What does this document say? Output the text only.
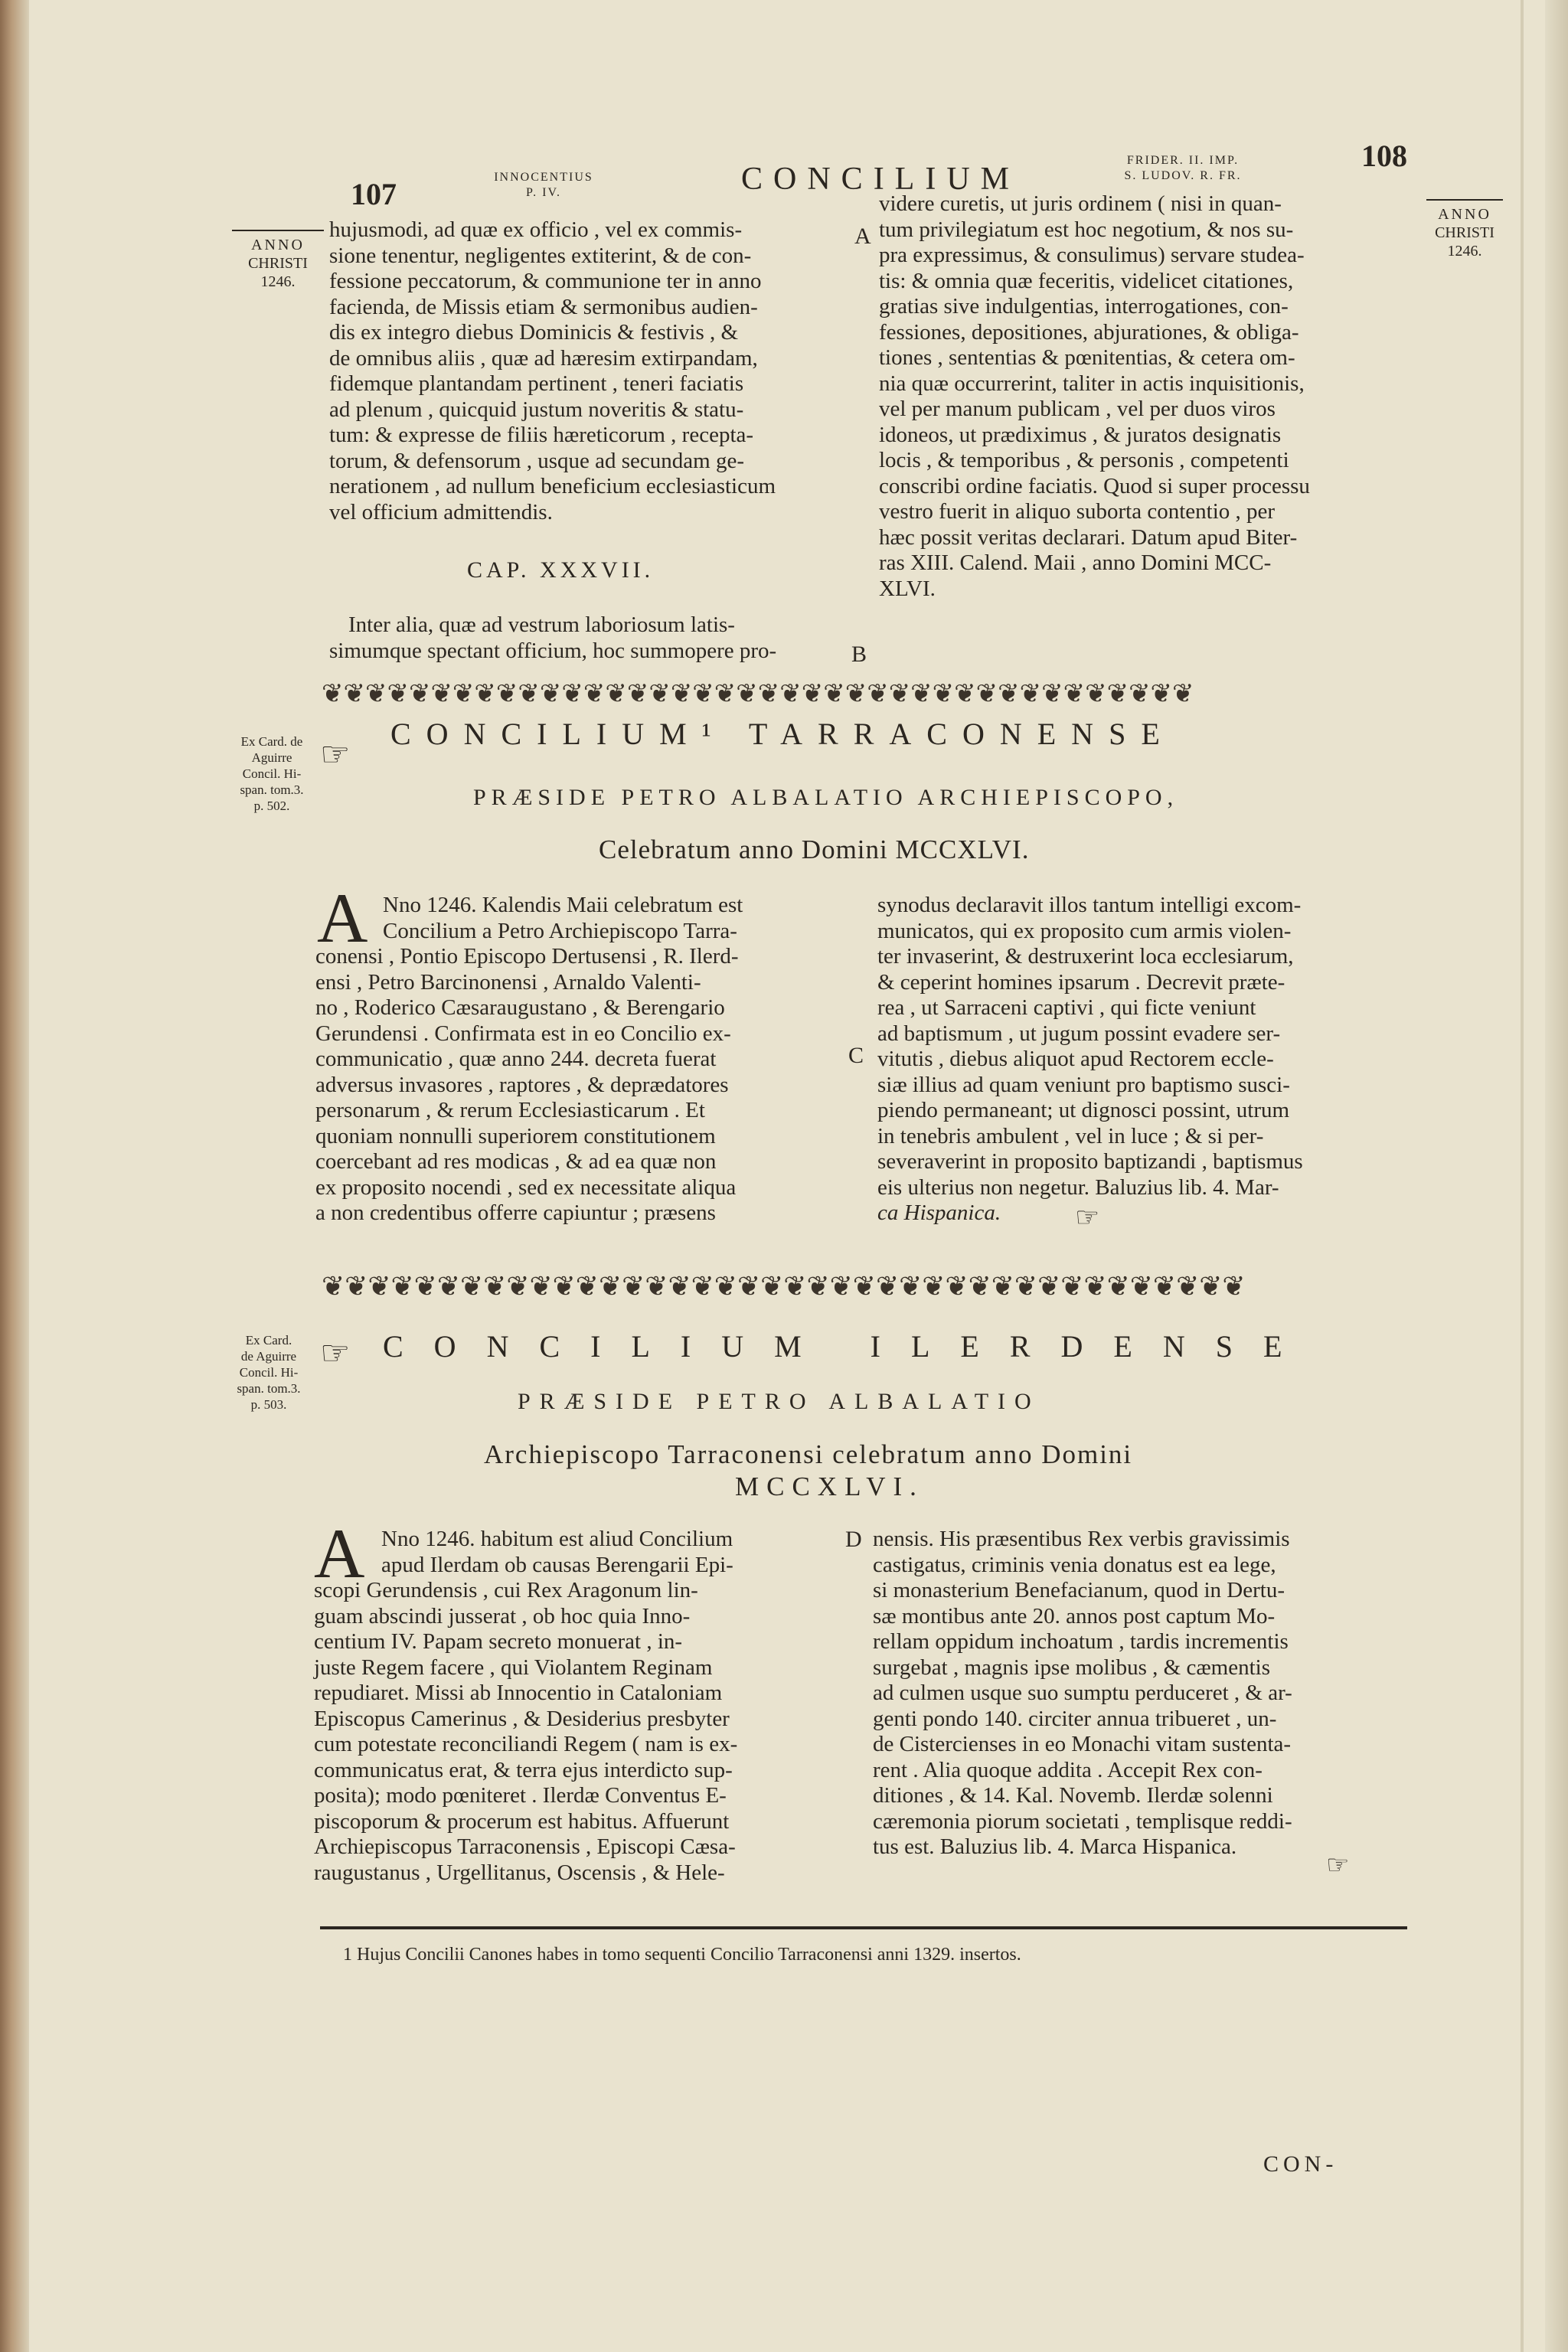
107	INNOCENTIUS
P. IV.	CONCILIUM
FRIDER. II. IMP.
S. LUDOV. R. FR.
108
ANNO
CHRISTI
1246.
ANNO
CHRISTI
1246.
hujusmodi, ad quæ ex officio , vel ex commis-
sione tenentur, negligentes extiterint, & de con-
fessione peccatorum, & communione ter in anno
facienda, de Missis etiam & sermonibus audien-
dis ex integro diebus Dominicis & festivis , &
de omnibus aliis , quæ ad hæresim extirpandam,
fidemque plantandam pertinent , teneri faciatis
ad plenum , quicquid justum noveritis & statu-
tum: & expresse de filiis hæreticorum , recepta-
torum, & defensorum , usque ad secundam ge-
nerationem , ad nullum beneficium ecclesiasticum
vel officium admittendis.
CAP. XXXVII.
Inter alia, quæ ad vestrum laboriosum latis-
simumque spectant officium, hoc summopere pro-
A
B
videre curetis, ut juris ordinem ( nisi in quan-
tum privilegiatum est hoc negotium, & nos su-
pra expressimus, & consulimus) servare studea-
tis: & omnia quæ feceritis, videlicet citationes,
gratias sive indulgentias, interrogationes, con-
fessiones, depositiones, abjurationes, & obliga-
tiones , sententias & pœnitentias, & cetera om-
nia quæ occurrerint, taliter in actis inquisitionis,
vel per manum publicam , vel per duos viros
idoneos, ut prædiximus , & juratos designatis
locis , & temporibus , & personis , competenti
conscribi ordine faciatis. Quod si super processu
vestro fuerit in aliquo suborta contentio , per
hæc possit veritas declarari. Datum apud Biter-
ras XIII. Calend. Maii , anno Domini MCC-
XLVI.
❦❦❦❦❦❦❦❦❦❦❦❦❦❦❦❦❦❦❦❦❦❦❦❦❦❦❦❦❦❦❦❦❦❦❦❦❦❦❦❦
Ex Card. de
Aguirre
Concil. Hi-
span. tom.3.
p. 502.
☞
CONCILIUM¹ TARRACONENSE
PRÆSIDE PETRO ALBALATIO ARCHIEPISCOPO,
Celebratum anno Domini MCCXLVI.
A Nno 1246. Kalendis Maii celebratum est
Concilium a Petro Archiepiscopo Tarra-
conensi , Pontio Episcopo Dertusensi , R. Ilerd-
ensi , Petro Barcinonensi , Arnaldo Valenti-
no , Roderico Cæsaraugustano , & Berengario
Gerundensi . Confirmata est in eo Concilio ex-
communicatio , quæ anno 244. decreta fuerat
adversus invasores , raptores , & deprædatores
personarum , & rerum Ecclesiasticarum . Et
quoniam nonnulli superiorem constitutionem
coercebant ad res modicas , & ad ea quæ non
ex proposito nocendi , sed ex necessitate aliqua
a non credentibus offerre capiuntur ; præsens
C
synodus declaravit illos tantum intelligi excom-
municatos, qui ex proposito cum armis violen-
ter invaserint, & destruxerint loca ecclesiarum,
& ceperint homines ipsarum . Decrevit præte-
rea , ut Sarraceni captivi , qui ficte veniunt
ad baptismum , ut jugum possint evadere ser-
vitutis , diebus aliquot apud Rectorem eccle-
siæ illius ad quam veniunt pro baptismo susci-
piendo permaneant; ut dignosci possint, utrum
in tenebris ambulent , vel in luce ; & si per-
severaverint in proposito baptizandi , baptismus
eis ulterius non negetur. Baluzius lib. 4. Mar-
ca Hispanica.	☞
❦❦❦❦❦❦❦❦❦❦❦❦❦❦❦❦❦❦❦❦❦❦❦❦❦❦❦❦❦❦❦❦❦❦❦❦❦❦❦❦
Ex Card.
de Aguirre
Concil. Hi-
span. tom.3.
p. 503.
☞ CONCILIUM ILERDENSE
PRÆSIDE PETRO ALBALATIO
Archiepiscopo Tarraconensi celebratum anno Domini
MCCXLVI.
A Nno 1246. habitum est aliud Concilium
apud Ilerdam ob causas Berengarii Epi-
scopi Gerundensis , cui Rex Aragonum lin-
guam abscindi jusserat , ob hoc quia Inno-
centium IV. Papam secreto monuerat , in-
juste Regem facere , qui Violantem Reginam
repudiaret. Missi ab Innocentio in Cataloniam
Episcopus Camerinus , & Desiderius presbyter
cum potestate reconciliandi Regem ( nam is ex-
communicatus erat, & terra ejus interdicto sup-
posita); modo pœniteret . Ilerdæ Conventus E-
piscoporum & procerum est habitus. Affuerunt
Archiepiscopus Tarraconensis , Episcopi Cæsa-
raugustanus , Urgellitanus, Oscensis , & Hele-
D nensis. His præsentibus Rex verbis gravissimis
castigatus, criminis venia donatus est ea lege,
si monasterium Benefacianum, quod in Dertu-
sæ montibus ante 20. annos post captum Mo-
rellam oppidum inchoatum , tardis incrementis
surgebat , magnis ipse molibus , & cæmentis
ad culmen usque suo sumptu perduceret , & ar-
genti pondo 140. circiter annua tribueret , un-
de Cistercienses in eo Monachi vitam sustenta-
rent . Alia quoque addita . Accepit Rex con-
ditiones , & 14. Kal. Novemb. Ilerdæ solenni
cæremonia piorum societati , templisque reddi-
tus est. Baluzius lib. 4. Marca Hispanica.
☞
1 Hujus Concilii Canones habes in tomo sequenti Concilio Tarraconensi anni 1329. insertos.
CON-
